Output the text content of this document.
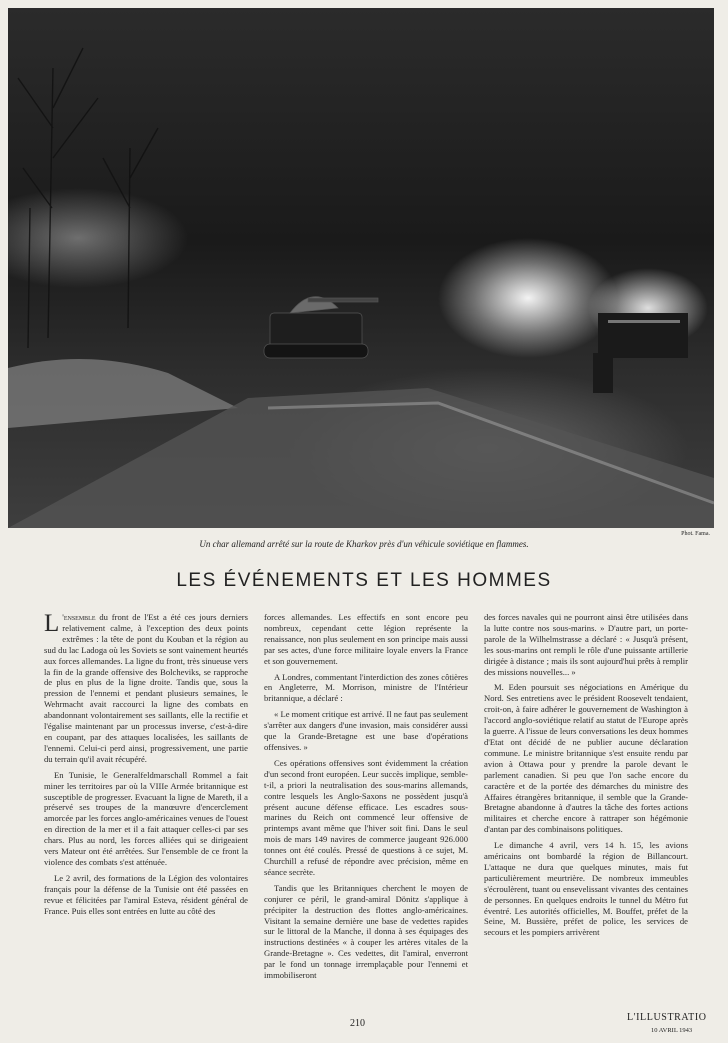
Phot. Fama.
Un char allemand arrêté sur la route de Kharkov près d'un véhicule soviétique en flammes.
LES ÉVÉNEMENTS ET LES HOMMES

L 'ensemble du front de l'Est a été ces jours derniers relativement calme, à l'exception des deux points extrêmes : la tête de pont du Kouban et la région au sud du lac Ladoga où les Soviets se sont vainement heurtés aux forces allemandes. La ligne du front, très sinueuse vers la fin de la grande offensive des Bolcheviks, se rapproche de plus en plus de la ligne droite. Tandis que, sous la pression de l'ennemi et pendant plusieurs semaines, le Wehrmacht avait raccourci la ligne des combats en abandonnant volontairement ses saillants, elle la rectifie et l'égalise maintenant par un processus inverse, c'est-à-dire en coupant, par des attaques localisées, les saillants de l'ennemi. Celui-ci perd ainsi, progressivement, une partie du terrain qu'il avait récupéré.

En Tunisie, le Generalfeldmarschall Rommel a fait miner les territoires par où la VIIIe Armée britannique est susceptible de progresser. Evacuant la ligne de Mareth, il a préservé ses troupes de la manœuvre d'encerclement amorcée par les forces anglo-américaines venues de l'ouest en direction de la mer et il a fait attaquer celles-ci par ses chars. Plus au nord, les forces alliées qui se dirigeaient vers Mateur ont été arrêtées. Sur l'ensemble de ce front la violence des combats s'est atténuée.

Le 2 avril, des formations de la Légion des volontaires français pour la défense de la Tunisie ont été passées en revue et félicitées par l'amiral Esteva, résident général de France. Puis elles sont entrées en lutte au côté des

forces allemandes. Les effectifs en sont encore peu nombreux, cependant cette légion représente la renaissance, non plus seulement en son principe mais aussi par ses actes, d'une force militaire loyale envers la France et son gouvernement.

A Londres, commentant l'interdiction des zones côtières en Angleterre, M. Morrison, ministre de l'Intérieur britannique, a déclaré :

« Le moment critique est arrivé. Il ne faut pas seulement s'arrêter aux dangers d'une invasion, mais considérer aussi que la Grande-Bretagne est une base d'opérations offensives. »

Ces opérations offensives sont évidemment la création d'un second front européen. Leur succès implique, semble-t-il, a priori la neutralisation des sous-marins allemands, contre lesquels les Anglo-Saxons ne possèdent jusqu'à présent aucune défense efficace. Les escadres sous-marines du Reich ont commencé leur offensive de printemps avant même que l'hiver soit fini. Dans le seul mois de mars 149 navires de commerce jaugeant 926.000 tonnes ont été coulés. Pressé de questions à ce sujet, M. Churchill a refusé de répondre avec précision, même en séance secrète.

Tandis que les Britanniques cherchent le moyen de conjurer ce péril, le grand-amiral Dönitz s'applique à précipiter la destruction des flottes anglo-américaines. Visitant la semaine dernière une base de vedettes rapides sur le littoral de la Manche, il donna à ses équipages des instructions destinées « à couper les artères vitales de la Grande-Bretagne ». Ces vedettes, dit l'amiral, enverront par le fond un tonnage irremplaçable pour l'ennemi et immobiliseront

des forces navales qui ne pourront ainsi être utilisées dans la lutte contre nos sous-marins. » D'autre part, un porte-parole de la Wilhelmstrasse a déclaré : « Jusqu'à présent, les sous-marins ont rempli le rôle d'une puissante artillerie dirigée à distance ; mais ils sont aujourd'hui prêts à remplir des missions nouvelles... »

M. Eden poursuit ses négociations en Amérique du Nord. Ses entretiens avec le président Roosevelt tendaient, croit-on, à faire adhérer le gouvernement de Washington à l'accord anglo-soviétique relatif au statut de l'Europe après la guerre. A l'issue de leurs conversations les deux hommes d'Etat ont décidé de ne publier aucune déclaration commune. Le ministre britannique s'est ensuite rendu par avion à Ottawa pour y prendre la parole devant le parlement canadien. Si peu que l'on sache encore du caractère et de la portée des démarches du ministre des Affaires étrangères britannique, il semble que la Grande-Bretagne abandonne à d'autres la tâche des fortes actions militaires et cherche encore à rattraper son hégémonie d'antan par des combinaisons politiques.

Le dimanche 4 avril, vers 14 h. 15, les avions américains ont bombardé la région de Billancourt. L'attaque ne dura que quelques minutes, mais fut particulièrement meurtrière. De nombreux immeubles s'écroulèrent, tuant ou ensevelissant vivantes des centaines de personnes. En quelques endroits le tunnel du Métro fut éventré. Les autorités officielles, M. Bouffet, préfet de la Seine, M. Bussière, préfet de police, les services de secours et les pompiers arrivèrent

210
L'ILLUSTRATIO
10 AVRIL 1943
